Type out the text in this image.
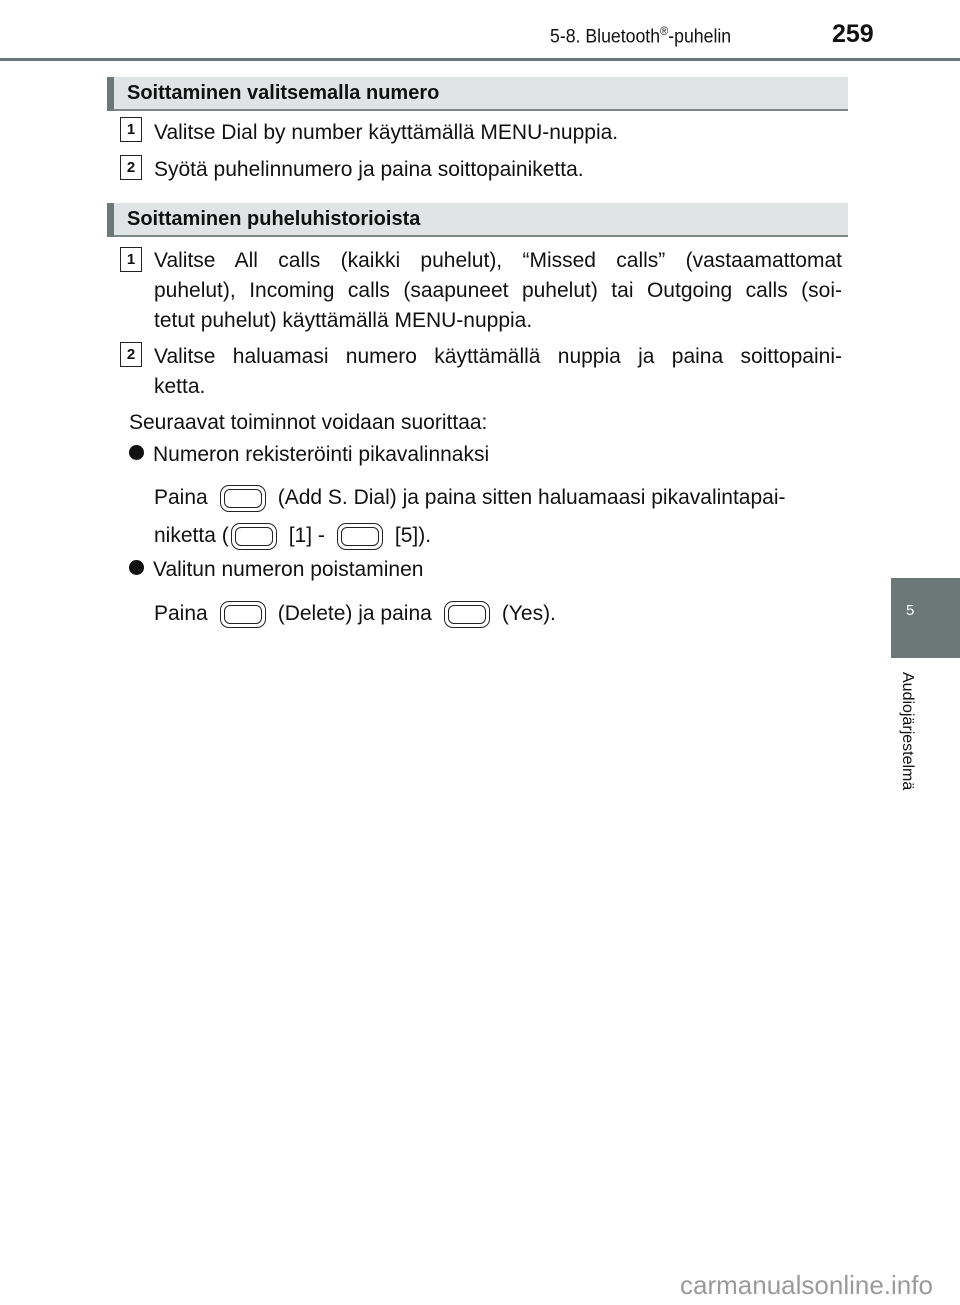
5-8. Bluetooth®-puhelin	259
Soittaminen valitsemalla numero
1 Valitse Dial by number käyttämällä MENU-nuppia.
2 Syötä puhelinnumero ja paina soittopainiketta.
Soittaminen puheluhistorioista
1 Valitse All calls (kaikki puhelut), “Missed calls” (vastaamattomat
puhelut), Incoming calls (saapuneet puhelut) tai Outgoing calls (soi-
tetut puhelut) käyttämällä MENU-nuppia.
2 Valitse haluamasi numero käyttämällä nuppia ja paina soittopaini-
ketta.
Seuraavat toiminnot voidaan suorittaa:
Numeron rekisteröinti pikavalinnaksi
Paina	(Add S. Dial) ja paina sitten haluamaasi pikavalintapai-
niketta (	[1] -	[5]).
Valitun numeron poistaminen
Paina	(Delete) ja paina	(Yes).	5
Audiojärjestelmä
carmanualsonline.info
